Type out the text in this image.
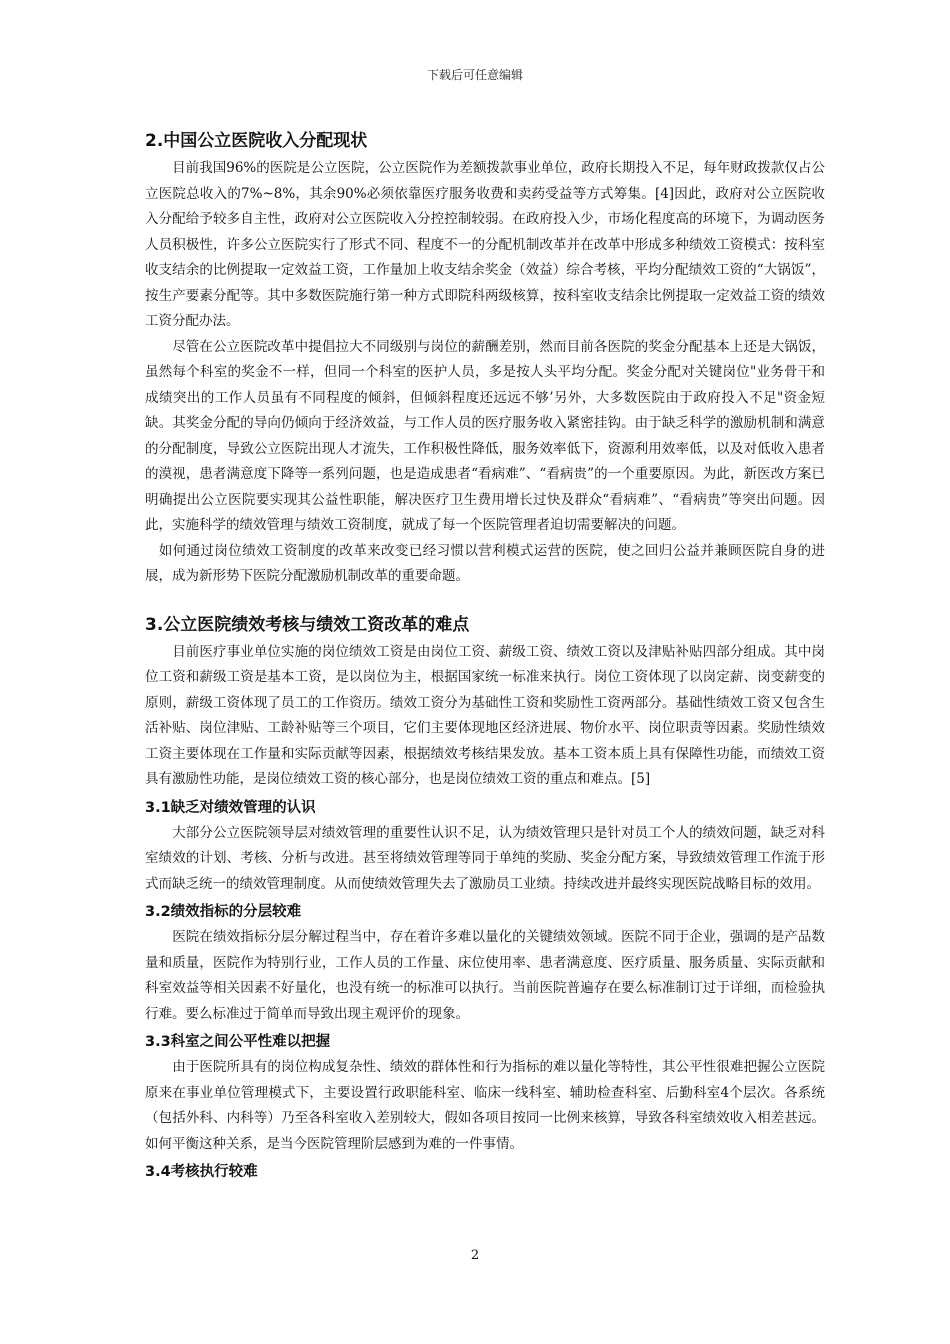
下载后可任意编辑
2.中国公立医院收入分配现状

　　目前我国96%的医院是公立医院，公立医院作为差额拨款事业单位，政府长期投入不足，每年财政拨款仅占公立医院总收入的7%~8%，其余90%必须依靠医疗服务收费和卖药受益等方式筹集。[4]因此，政府对公立医院收入分配给予较多自主性，政府对公立医院收入分控控制较弱。在政府投入少，市场化程度高的环境下，为调动医务人员积极性，许多公立医院实行了形式不同、程度不一的分配机制改革并在改革中形成多种绩效工资模式：按科室收支结余的比例提取一定效益工资，工作量加上收支结余奖金（效益）综合考核，平均分配绩效工资的“大锅饭”，按生产要素分配等。其中多数医院施行第一种方式即院科两级核算，按科室收支结余比例提取一定效益工资的绩效工资分配办法。

　　尽管在公立医院改革中提倡拉大不同级别与岗位的薪酬差别，然而目前各医院的奖金分配基本上还是大锅饭，虽然每个科室的奖金不一样，但同一个科室的医护人员，多是按人头平均分配。奖金分配对关键岗位"业务骨干和成绩突出的工作人员虽有不同程度的倾斜，但倾斜程度还远远不够’另外，大多数医院由于政府投入不足"资金短缺。其奖金分配的导向仍倾向于经济效益，与工作人员的医疗服务收入紧密挂钩。由于缺乏科学的激励机制和满意的分配制度，导致公立医院出现人才流失，工作积极性降低，服务效率低下，资源利用效率低，以及对低收入患者的漠视，患者满意度下降等一系列问题，也是造成患者“看病难”、“看病贵”的一个重要原因。为此，新医改方案已明确提出公立医院要实现其公益性职能，解决医疗卫生费用增长过快及群众“看病难”、“看病贵”等突出问题。因此，实施科学的绩效管理与绩效工资制度，就成了每一个医院管理者迫切需要解决的问题。

　如何通过岗位绩效工资制度的改革来改变已经习惯以营利模式运营的医院，使之回归公益并兼顾医院自身的进展，成为新形势下医院分配激励机制改革的重要命题。

3.公立医院绩效考核与绩效工资改革的难点

　　目前医疗事业单位实施的岗位绩效工资是由岗位工资、薪级工资、绩效工资以及津贴补贴四部分组成。其中岗位工资和薪级工资是基本工资，是以岗位为主，根据国家统一标准来执行。岗位工资体现了以岗定薪、岗变薪变的原则，薪级工资体现了员工的工作资历。绩效工资分为基础性工资和奖励性工资两部分。基础性绩效工资又包含生活补贴、岗位津贴、工龄补贴等三个项目，它们主要体现地区经济进展、物价水平、岗位职责等因素。奖励性绩效工资主要体现在工作量和实际贡献等因素，根据绩效考核结果发放。基本工资本质上具有保障性功能，而绩效工资具有激励性功能，是岗位绩效工资的核心部分，也是岗位绩效工资的重点和难点。[5]

3.1缺乏对绩效管理的认识

　　大部分公立医院领导层对绩效管理的重要性认识不足，认为绩效管理只是针对员工个人的绩效问题，缺乏对科室绩效的计划、考核、分析与改进。甚至将绩效管理等同于单纯的奖励、奖金分配方案，导致绩效管理工作流于形式而缺乏统一的绩效管理制度。从而使绩效管理失去了激励员工业绩。持续改进并最终实现医院战略目标的效用。

3.2绩效指标的分层较难

　　医院在绩效指标分层分解过程当中，存在着许多难以量化的关键绩效领域。医院不同于企业，强调的是产品数量和质量，医院作为特别行业，工作人员的工作量、床位使用率、患者满意度、医疗质量、服务质量、实际贡献和科室效益等相关因素不好量化，也没有统一的标准可以执行。当前医院普遍存在要么标准制订过于详细，而检验执行难。要么标准过于简单而导致出现主观评价的现象。

3.3科室之间公平性难以把握

　　由于医院所具有的岗位构成复杂性、绩效的群体性和行为指标的难以量化等特性，其公平性很难把握公立医院原来在事业单位管理模式下，主要设置行政职能科室、临床一线科室、辅助检查科室、后勤科室4个层次。各系统（包括外科、内科等）乃至各科室收入差别较大，假如各项目按同一比例来核算，导致各科室绩效收入相差甚远。如何平衡这种关系，是当今医院管理阶层感到为难的一件事情。

3.4考核执行较难
2
